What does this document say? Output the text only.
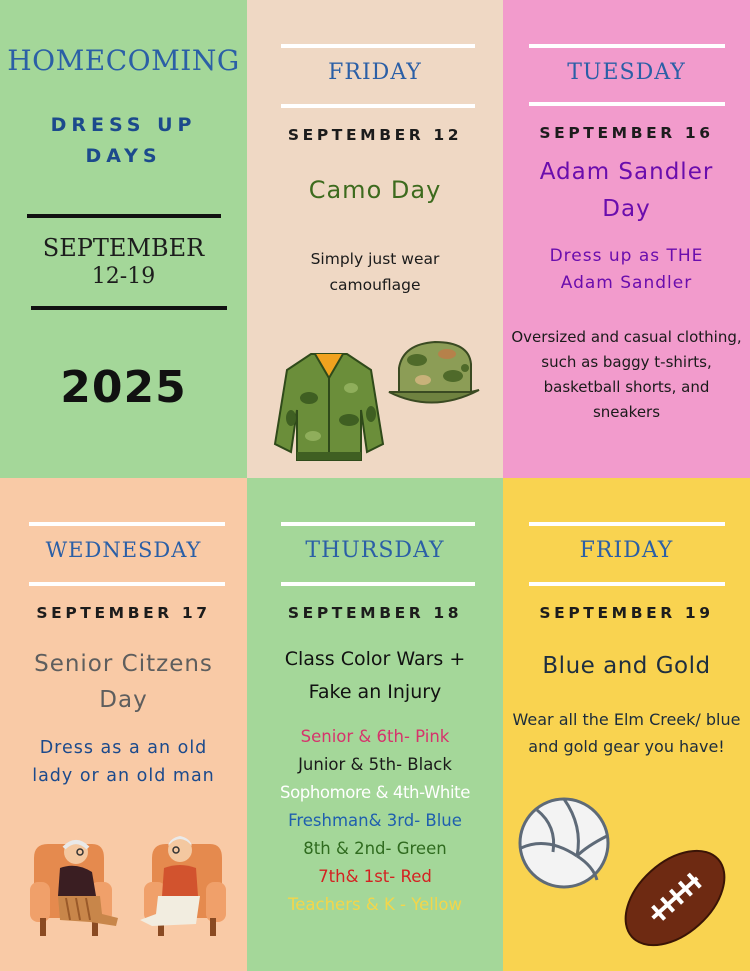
HOMECOMING
DRESS UP
DAYS
SEPTEMBER
12-19
2025
FRIDAY
SEPTEMBER 12
Camo Day
Simply just wear camouflage
TUESDAY
SEPTEMBER 16
Adam Sandler
Day
Dress up as THE
Adam Sandler
Oversized and casual clothing, such as baggy t-shirts, basketball shorts, and sneakers
WEDNESDAY
SEPTEMBER 17
Senior Citzens
Day
Dress as a an old
lady or an old man
THURSDAY
SEPTEMBER 18
Class Color Wars +
Fake an Injury
Senior & 6th- Pink
Junior & 5th- Black
Sophomore & 4th-White
Freshman& 3rd- Blue
8th & 2nd- Green
7th& 1st- Red
Teachers & K - Yellow
FRIDAY
SEPTEMBER 19
Blue and Gold
Wear all the Elm Creek/ blue and gold gear you have!
